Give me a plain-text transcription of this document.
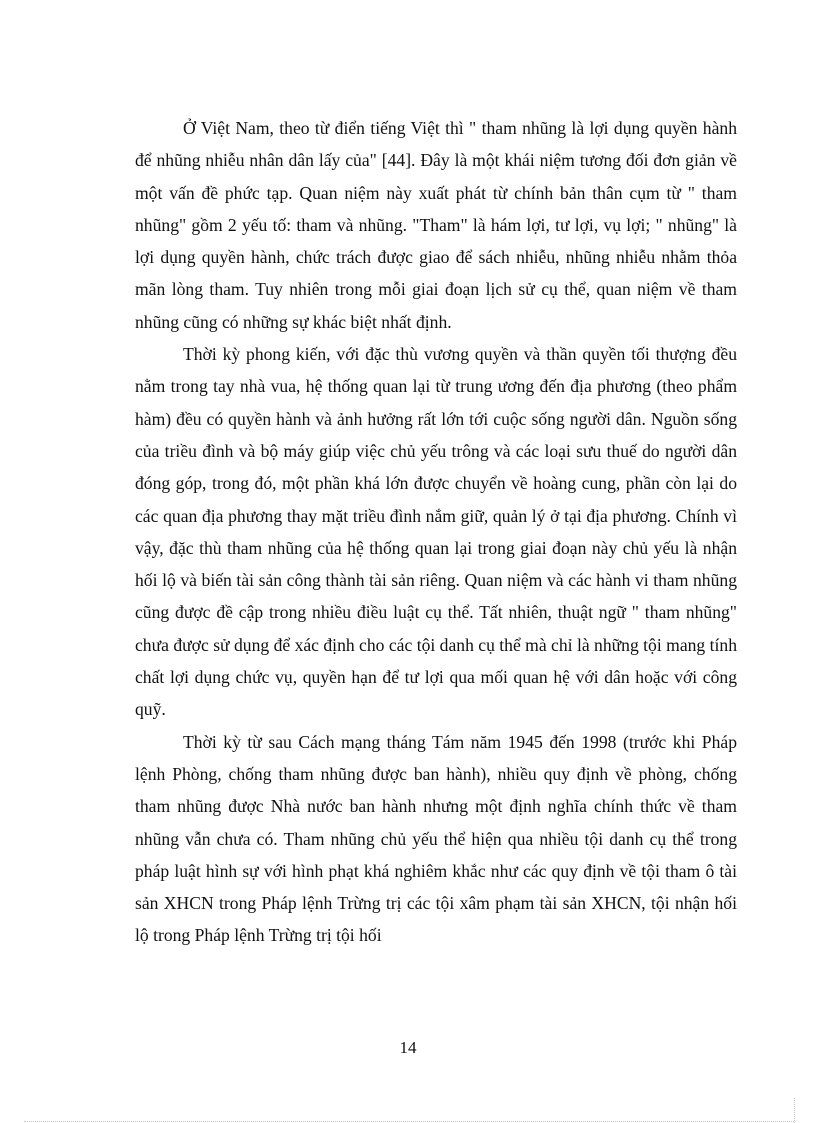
Ở Việt Nam, theo từ điển tiếng Việt thì " tham nhũng là lợi dụng quyền hành để nhũng nhiễu nhân dân lấy của" [44]. Đây là một khái niệm tương đối đơn giản về một vấn đề phức tạp. Quan niệm này xuất phát từ chính bản thân cụm từ " tham nhũng" gồm 2 yếu tố: tham và nhũng. "Tham" là hám lợi, tư lợi, vụ lợi; " nhũng" là lợi dụng quyền hành, chức trách được giao để sách nhiễu, nhũng nhiễu nhằm thỏa mãn lòng tham. Tuy nhiên trong mỗi giai đoạn lịch sử cụ thể, quan niệm về tham nhũng cũng có những sự khác biệt nhất định.

Thời kỳ phong kiến, với đặc thù vương quyền và thần quyền tối thượng đều nằm trong tay nhà vua, hệ thống quan lại từ trung ương đến địa phương (theo phẩm hàm) đều có quyền hành và ảnh hưởng rất lớn tới cuộc sống người dân. Nguồn sống của triều đình và bộ máy giúp việc chủ yếu trông và các loại sưu thuế do người dân đóng góp, trong đó, một phần khá lớn được chuyển về hoàng cung, phần còn lại do các quan địa phương thay mặt triều đình nắm giữ, quản lý ở tại địa phương. Chính vì vậy, đặc thù tham nhũng của hệ thống quan lại trong giai đoạn này chủ yếu là nhận hối lộ và biến tài sản công thành tài sản riêng. Quan niệm và các hành vi tham nhũng cũng được đề cập trong nhiều điều luật cụ thể. Tất nhiên, thuật ngữ " tham nhũng" chưa được sử dụng để xác định cho các tội danh cụ thể mà chỉ là những tội mang tính chất lợi dụng chức vụ, quyền hạn để tư lợi qua mối quan hệ với dân hoặc với công quỹ.

Thời kỳ từ sau Cách mạng tháng Tám năm 1945 đến 1998 (trước khi Pháp lệnh Phòng, chống tham nhũng được ban hành), nhiều quy định về phòng, chống tham nhũng được Nhà nước ban hành nhưng một định nghĩa chính thức về tham nhũng vẫn chưa có. Tham nhũng chủ yếu thể hiện qua nhiều tội danh cụ thể trong pháp luật hình sự với hình phạt khá nghiêm khắc như các quy định về tội tham ô tài sản XHCN trong Pháp lệnh Trừng trị các tội xâm phạm tài sản XHCN, tội nhận hối lộ trong Pháp lệnh Trừng trị tội hối

14
